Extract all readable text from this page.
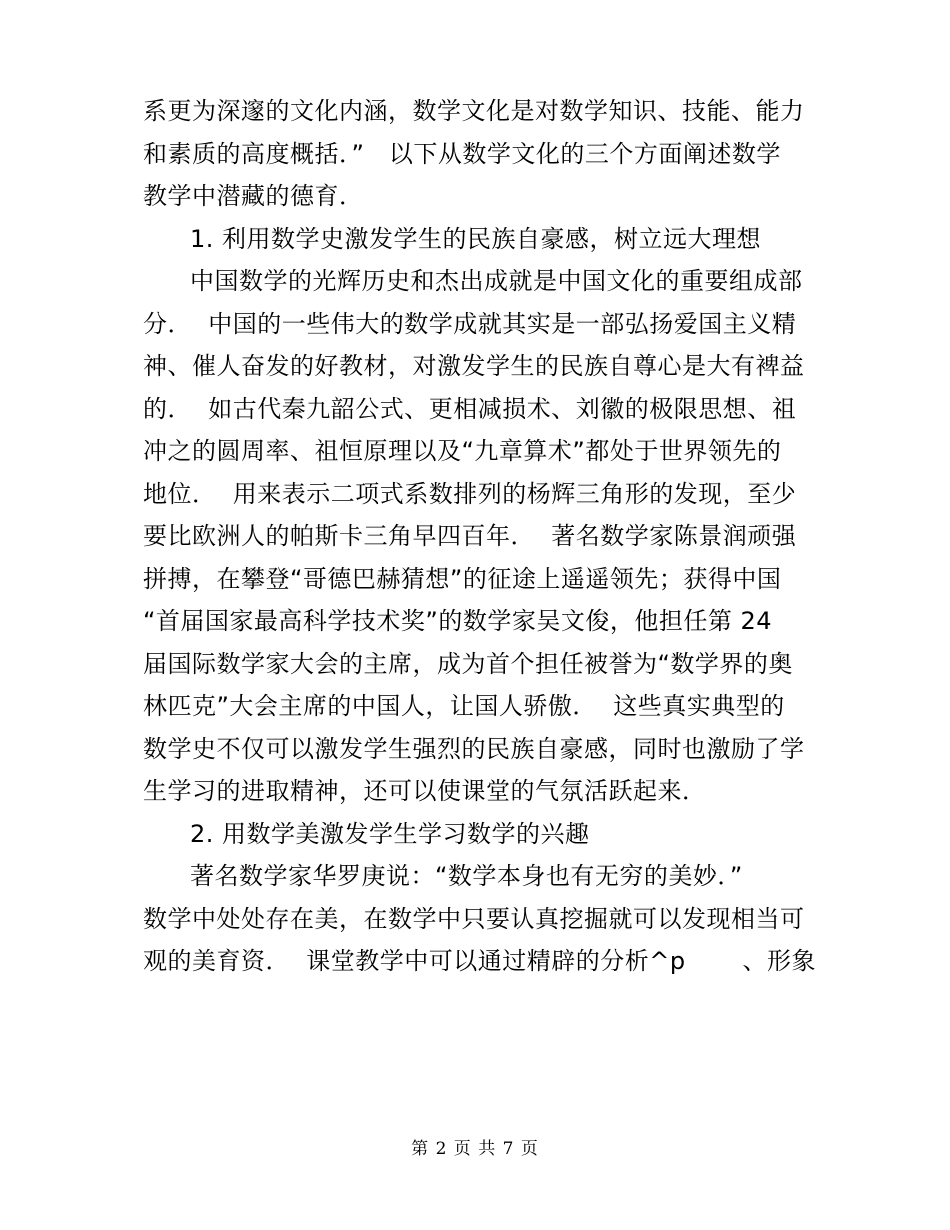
系更为深邃的文化内涵，数学文化是对数学知识、技能、能力
和素质的高度概括．”   以下从数学文化的三个方面阐述数学
教学中潜藏的德育．
1. 利用数学史激发学生的民族自豪感，树立远大理想
中国数学的光辉历史和杰出成就是中国文化的重要组成部
分．  中国的一些伟大的数学成就其实是一部弘扬爱国主义精
神、催人奋发的好教材，对激发学生的民族自尊心是大有裨益
的．  如古代秦九韶公式、更相减损术、刘徽的极限思想、祖
冲之的圆周率、祖恒原理以及“九章算术”都处于世界领先的
地位．  用来表示二项式系数排列的杨辉三角形的发现，至少
要比欧洲人的帕斯卡三角早四百年．  著名数学家陈景润顽强
拼搏，在攀登“哥德巴赫猜想”的征途上遥遥领先；获得中国
“首届国家最高科学技术奖”的数学家吴文俊，他担任第 24
届国际数学家大会的主席，成为首个担任被誉为“数学界的奥
林匹克”大会主席的中国人，让国人骄傲．  这些真实典型的
数学史不仅可以激发学生强烈的民族自豪感，同时也激励了学
生学习的进取精神，还可以使课堂的气氛活跃起来．
2. 用数学美激发学生学习数学的兴趣
著名数学家华罗庚说：“数学本身也有无穷的美妙．”
数学中处处存在美，在数学中只要认真挖掘就可以发现相当可
观的美育资．  课堂教学中可以通过精辟的分析^p       、形象
第 2 页 共 7 页
